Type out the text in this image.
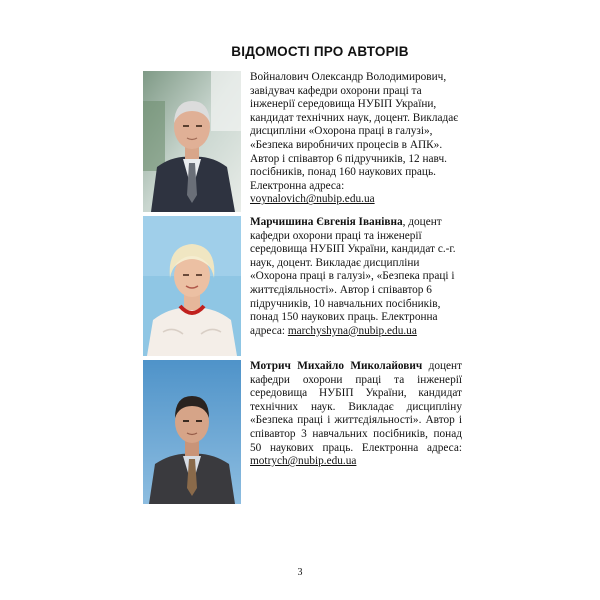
ВІДОМОСТІ ПРО АВТОРІВ
Войналович Олександр Володимирович, завідувач кафедри охорони праці та інженерії середовища НУБІП України, кандидат технічних наук, доцент. Викладає дисципліни «Охорона праці в галузі», «Безпека виробничих процесів в АПК». Автор і співавтор 6 підручників, 12 навч. посібників, понад 160 наукових праць. Електронна адреса: voynalovich@nubip.edu.ua
Марчишина Євгенія Іванівна, доцент кафедри охорони праці та інженерії середовища НУБІП України, кандидат с.-г. наук, доцент. Викладає дисципліни «Охорона праці в галузі», «Безпека праці і життєдіяльності». Автор і співавтор 6 підручників, 10 навчальних посібників, понад 150 наукових праць. Електронна адреса: marchyshyna@nubip.edu.ua
Мотрич Михайло Миколайович доцент кафедри охорони праці та інженерії середовища НУБІП України, кандидат технічних наук. Викладає дисципліну «Безпека праці і життєдіяльності». Автор і співавтор 3 навчальних посібників, понад 50 наукових праць. Електронна адреса: motrych@nubip.edu.ua
3
